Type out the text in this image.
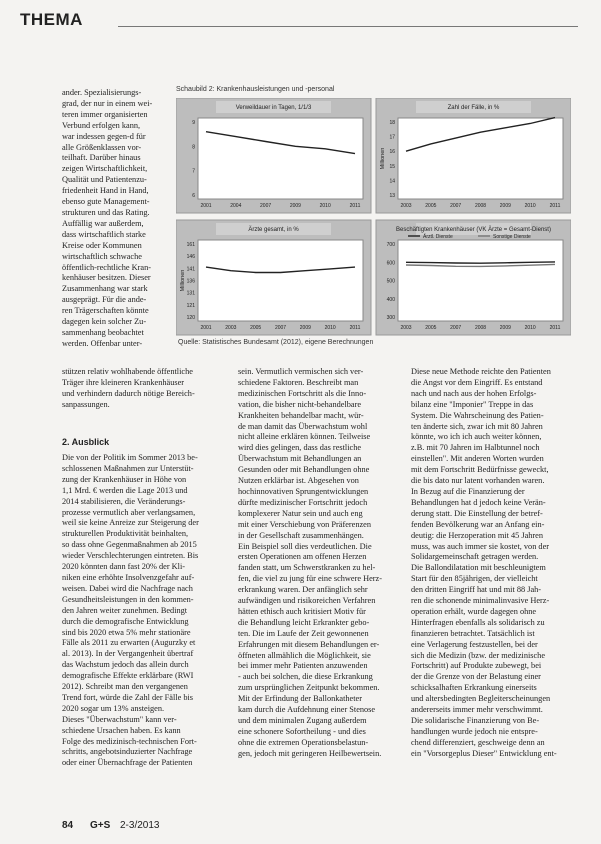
THEMA

ander. Spezialisierungs-

grad, der nur in einem wei-

teren immer organisierten

Verbund erfolgen kann,

war indessen gegen-d für

alle Größenklassen vor-

teilhaft. Darüber hinaus

zeigen Wirtschaftlichkeit,

Qualität und Patientenzu-

friedenheit Hand in Hand,

ebenso gute Management-

strukturen und das Rating.

Auffällig war außerdem,

dass wirtschaftlich starke

Kreise oder Kommunen

wirtschaftlich schwache

öffentlich-rechtliche Kran-

kenhäuser besitzen. Dieser

Zusammenhang war stark

ausgeprägt. Für die ande-

ren Trägerschaften könnte

dagegen kein solcher Zu-

sammenhang beobachtet

werden. Offenbar unter-

stützen relativ wohlhabende öffentliche

Träger ihre kleineren Krankenhäuser

und verhindern dadurch nötige Bereich-

sanpassungen.

2. Ausblick

Die von der Politik im Sommer 2013 be-

schlossenen Maßnahmen zur Unterstüt-

zung der Krankenhäuser in Höhe von

1,1 Mrd. € werden die Lage 2013 und

2014 stabilisieren, die Veränderungs-

prozesse vermutlich aber verlangsamen,

weil sie keine Anreize zur Steigerung der

strukturellen Produktivität beinhalten,

so dass ohne Gegenmaßnahmen ab 2015

wieder Verschlechterungen eintreten. Bis

2020 könnten dann fast 20% der Kli-

niken eine erhöhte Insolvenzgefahr auf-

weisen. Dabei wird die Nachfrage nach

Gesundheitsleistungen in den kommen-

den Jahren weiter zunehmen. Bedingt

durch die demografische Entwicklung

sind bis 2020 etwa 5% mehr stationäre

Fälle als 2011 zu erwarten (Augurzky et

al. 2013). In der Vergangenheit übertraf

das Wachstum jedoch das allein durch

demografische Effekte erklärbare (RWI

2012). Schreibt man den vergangenen

Trend fort, würde die Zahl der Fälle bis

2020 sogar um 13% ansteigen.

Dieses "Überwachstum" kann ver-

schiedene Ursachen haben. Es kann

Folge des medizinisch-technischen Fort-

schritts, angebotsinduzierter Nachfrage

oder einer Übernachfrage der Patienten

sein. Vermutlich vermischen sich ver-

schiedene Faktoren. Beschreibt man

medizinischen Fortschritt als die Inno-

vation, die bisher nicht-behandelbare

Krankheiten behandelbar macht, wür-

de man damit das Überwachstum wohl

nicht alleine erklären können. Teilweise

wird dies gelingen, dass das restliche

Überwachstum mit Behandlungen an

Gesunden oder mit Behandlungen ohne

Nutzen erklärbar ist. Abgesehen von

hochinnovativen Sprungentwicklungen

dürfte medizinischer Fortschritt jedoch

komplexerer Natur sein und auch eng

mit einer Verschiebung von Präferenzen

in der Gesellschaft zusammenhängen.

Ein Beispiel soll dies verdeutlichen. Die

ersten Operationen am offenen Herzen

fanden statt, um Schwerstkranken zu hel-

fen, die viel zu jung für eine schwere Herz-

erkrankung waren. Der anfänglich sehr

aufwändigen und risikoreichen Verfahren

hätten ethisch auch kritisiert Motiv für

die Behandlung leicht Erkrankter gebo-

ten. Die im Laufe der Zeit gewonnenen

Erfahrungen mit diesem Behandlungen er-

öffneten allmählich die Möglichkeit, sie

bei immer mehr Patienten anzuwenden

- auch bei solchen, die diese Erkrankung

zum ursprünglichen Zeitpunkt bekommen.

Mit der Erfindung der Ballonkatheter

kam durch die Aufdehnung einer Stenose

und dem minimalen Zugang außerdem

eine schonere Sofortheilung - und dies

ohne die extremen Operationsbelastun-

gen, jedoch mit geringeren Heilbewertsein.

Diese neue Methode reichte den Patienten

die Angst vor dem Eingriff. Es entstand

nach und nach aus der hohen Erfolgs-

bilanz eine "Imponier" Treppe in das

System. Die Wahrscheinung des Patien-

ten änderte sich, zwar ich mit 80 Jahren

könnte, wo ich ich auch weiter können,

z.B. mit 70 Jahren im Halbtunnel noch

einstellen". Mit anderen Worten wurden

mit dem Fortschritt Bedürfnisse geweckt,

die bis dato nur latent vorhanden waren.

In Bezug auf die Finanzierung der

Behandlungen hat d jedoch keine Verän-

derung statt. Die Einstellung der betref-

fenden Bevölkerung war an Anfang ein-

deutig: die Herzoperation mit 45 Jahren

muss, was auch immer sie kostet, von der

Solidargemeinschaft getragen werden.

Die Ballondilatation mit beschleunigtem

Start für den 85jährigen, der vielleicht

den dritten Eingriff hat und mit 88 Jah-

ren die schonende minimalinvasive Herz-

operation erhält, wurde dagegen ohne

Hinterfragen ebenfalls als solidarisch zu

finanzieren betrachtet. Tatsächlich ist

eine Verlagerung festzustellen, bei der

sich die Medizin (bzw. der medizinische

Fortschritt) auf Produkte zubewegt, bei

der die Grenze von der Belastung einer

schicksalhaften Erkrankung einerseits

und altersbedingten Begleiterscheinungen

andererseits immer mehr verschwimmt.

Die solidarische Finanzierung von Be-

handlungen wurde jedoch nie entspre-

chend differenziert, geschweige denn an

ein "Vorsorgeplus Dieser" Entwicklung ent-

Schaubild 2: Krankenhausleistungen und -personal
Verweildauer in Tagen, 1/1/3
9
8
7
6
2001	2004	2007	2009	2010	2011
Zahl der Fälle, in %
Millionen
18
17
16
15
14
13
2003	2005	2007	2008	2009	2010	2011
Ärzte gesamt, in %
Millionen
161
146
141
136
131
121
120
2001	2003	2005	2007	2009	2010	2011
Beschäftigten Krankenhäuser (VK Ärzte = Gesamt-Dienst)
700
600
500
400
300
2003	2005	2007	2008	2009	2010	2011
Ärztl. Dienste	Sonstige Dienste
Quelle: Statistisches Bundesamt (2012), eigene Berechnungen
84 G+S 2-3/2013
